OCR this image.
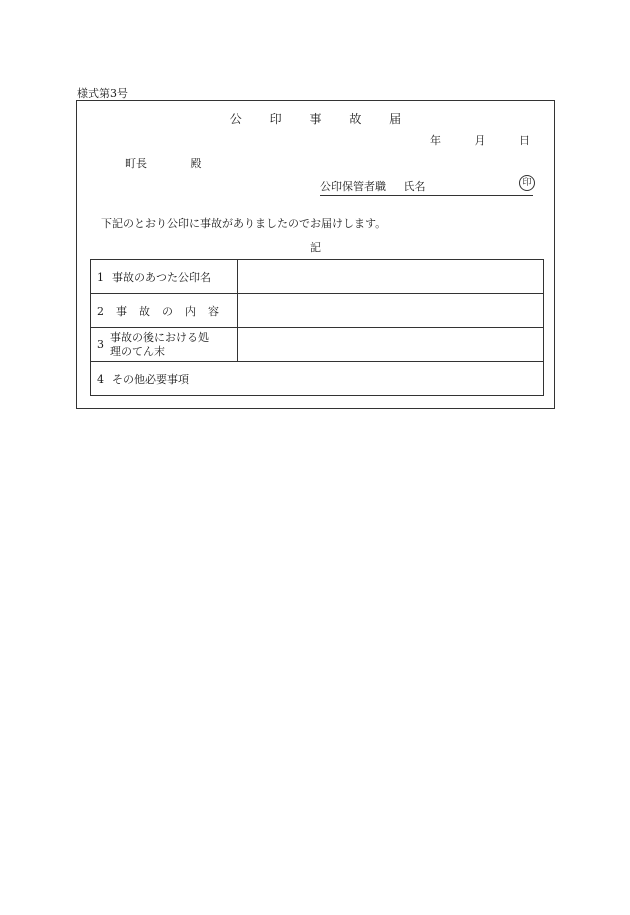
様式第3号
公 印 事 故 届
年	月	日
町長	殿
公印保管者職 氏名	印
下記のとおり公印に事故がありましたのでお届けします。
記
1 事故のあつた公印名	
2 事 故 の 内 容	
3事故の後における処
理のてん末	
4 その他必要事項	
